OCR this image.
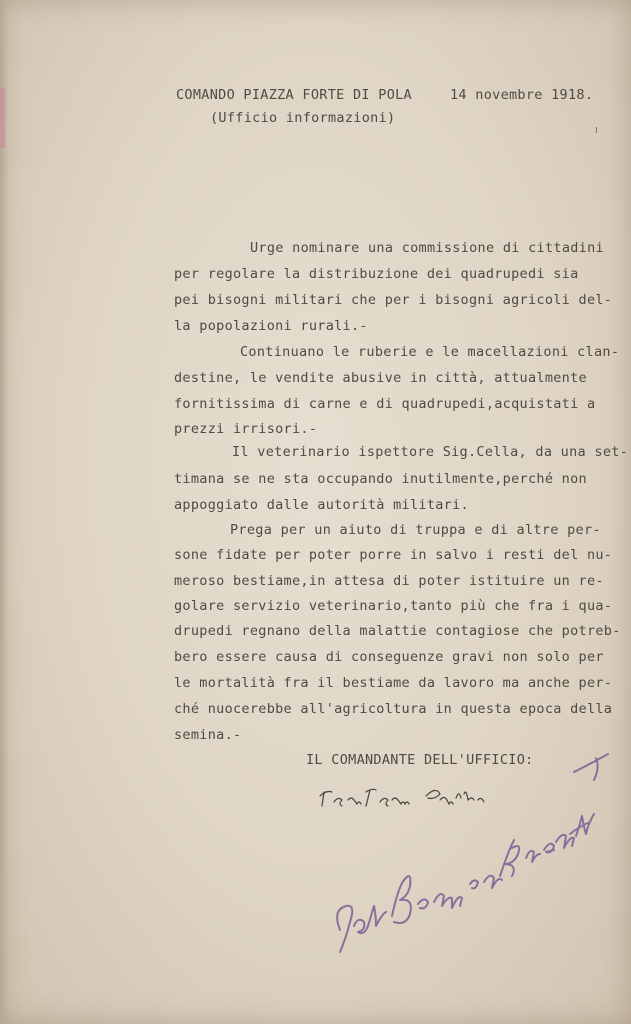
COMANDO PIAZZA FORTE DI POLA	14 novembre 1918.
(Ufficio informazioni)
Urge nominare una commissione di cittadini
per regolare la distribuzione dei quadrupedi sia
pei bisogni militari che per i bisogni agricoli del-
la popolazioni rurali.-
Continuano le ruberie e le macellazioni clan-
destine, le vendite abusive in città, attualmente
fornitissima di carne e di quadrupedi,acquistati a
prezzi irrisori.-
Il veterinario ispettore Sig.Cella, da una set-
timana se ne sta occupando inutilmente,perché non
appoggiato dalle autorità militari.
Prega per un aiuto di truppa e di altre per-
sone fidate per poter porre in salvo i resti del nu-
meroso bestiame,in attesa di poter istituire un re-
golare servizio veterinario,tanto più che fra i qua-
drupedi regnano della malattie contagiose che potreb-
bero essere causa di conseguenze gravi non solo per
le mortalità fra il bestiame da lavoro ma anche per-
ché nuocerebbe all'agricoltura in questa epoca della
semina.-
IL COMANDANTE DELL'UFFICIO:
